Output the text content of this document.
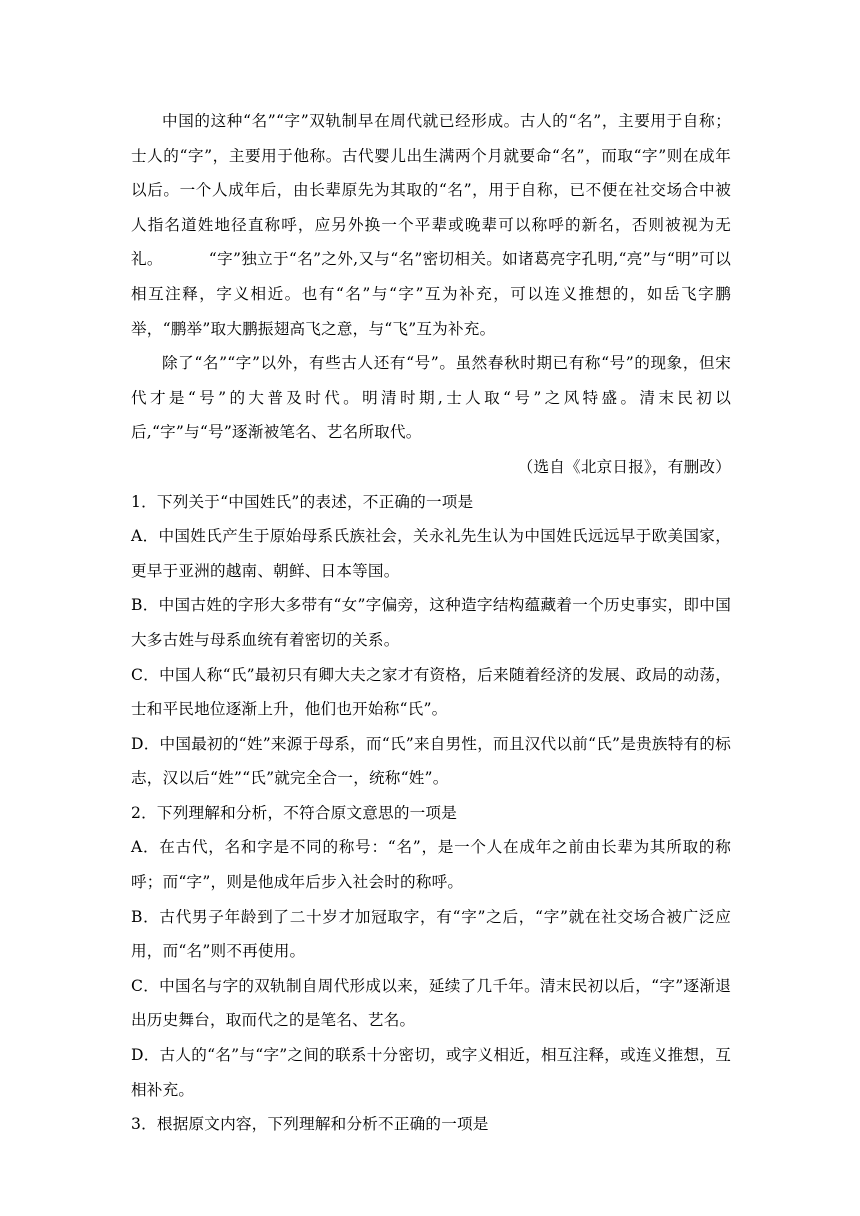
中国的这种“名”“字”双轨制早在周代就已经形成。古人的“名”，主要用于自称；士人的“字”，主要用于他称。古代婴儿出生满两个月就要命“名”，而取“字”则在成年以后。一个人成年后，由长辈原先为其取的“名”，用于自称，已不便在社交场合中被人指名道姓地径直称呼，应另外换一个平辈或晚辈可以称呼的新名，否则被视为无礼。	“字”独立于“名”之外,又与“名”密切相关。如诸葛亮字孔明,“亮”与“明”可以相互注释，字义相近。也有“名”与“字”互为补充，可以连义推想的，如岳飞字鹏举，“鹏举”取大鹏振翅高飞之意，与“飞”互为补充。

除了“名”“字”以外，有些古人还有“号”。虽然春秋时期已有称“号”的现象，但宋代才是“号”的大普及时代。明清时期,士人取“号”之风特盛。清末民初以后,“字”与“号”逐渐被笔名、艺名所取代。

（选自《北京日报》，有删改）

1．下列关于“中国姓氏”的表述，不正确的一项是

A．中国姓氏产生于原始母系氏族社会，关永礼先生认为中国姓氏远远早于欧美国家，更早于亚洲的越南、朝鲜、日本等国。

B．中国古姓的字形大多带有“女”字偏旁，这种造字结构蕴藏着一个历史事实，即中国大多古姓与母系血统有着密切的关系。

C．中国人称“氏”最初只有卿大夫之家才有资格，后来随着经济的发展、政局的动荡，士和平民地位逐渐上升，他们也开始称“氏”。

D．中国最初的“姓”来源于母系，而“氏”来自男性，而且汉代以前“氏”是贵族特有的标志，汉以后“姓”“氏”就完全合一，统称“姓”。

2．下列理解和分析，不符合原文意思的一项是

A．在古代，名和字是不同的称号：“名”，是一个人在成年之前由长辈为其所取的称呼；而“字”，则是他成年后步入社会时的称呼。

B．古代男子年龄到了二十岁才加冠取字，有“字”之后，“字”就在社交场合被广泛应用，而“名”则不再使用。

C．中国名与字的双轨制自周代形成以来，延续了几千年。清末民初以后，“字”逐渐退出历史舞台，取而代之的是笔名、艺名。

D．古人的“名”与“字”之间的联系十分密切，或字义相近，相互注释，或连义推想，互相补充。

3．根据原文内容，下列理解和分析不正确的一项是
